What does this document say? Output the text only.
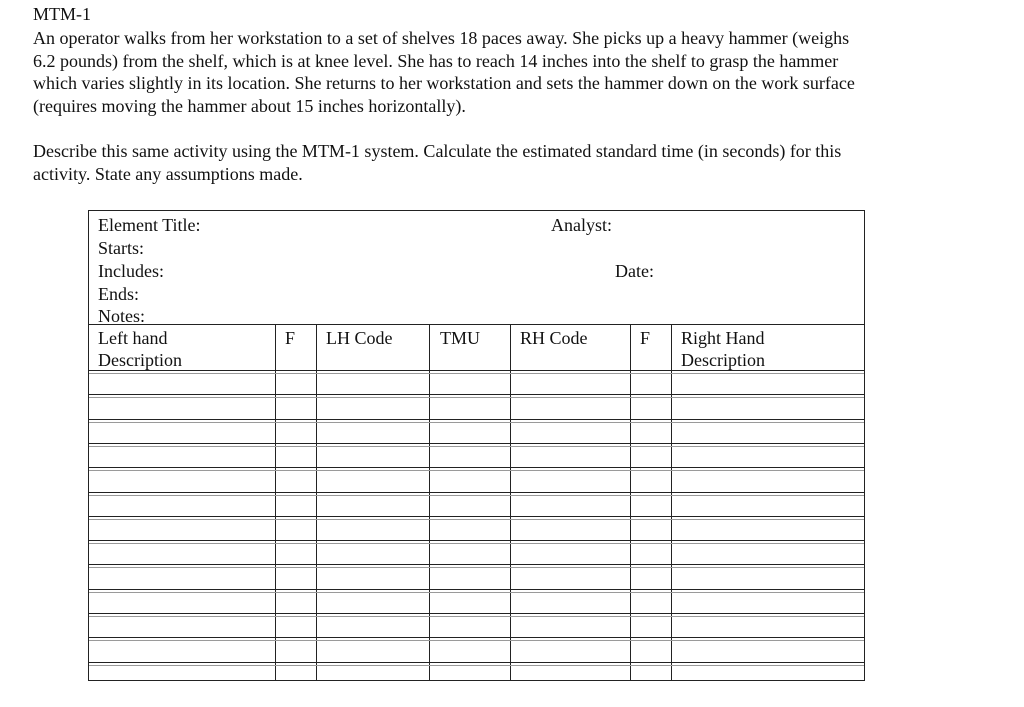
MTM-1
An operator walks from her workstation to a set of shelves 18 paces away. She picks up a heavy hammer (weighs
6.2 pounds) from the shelf, which is at knee level. She has to reach 14 inches into the shelf to grasp the hammer
which varies slightly in its location. She returns to her workstation and sets the hammer down on the work surface
(requires moving the hammer about 15 inches horizontally).
Describe this same activity using the MTM-1 system. Calculate the estimated standard time (in seconds) for this
activity. State any assumptions made.
Element Title:
Starts:
Includes:
Ends:
Notes:
Analyst:
Date:
Left hand
Description
F LH Code	TMU RH Code	F Right Hand
Description
